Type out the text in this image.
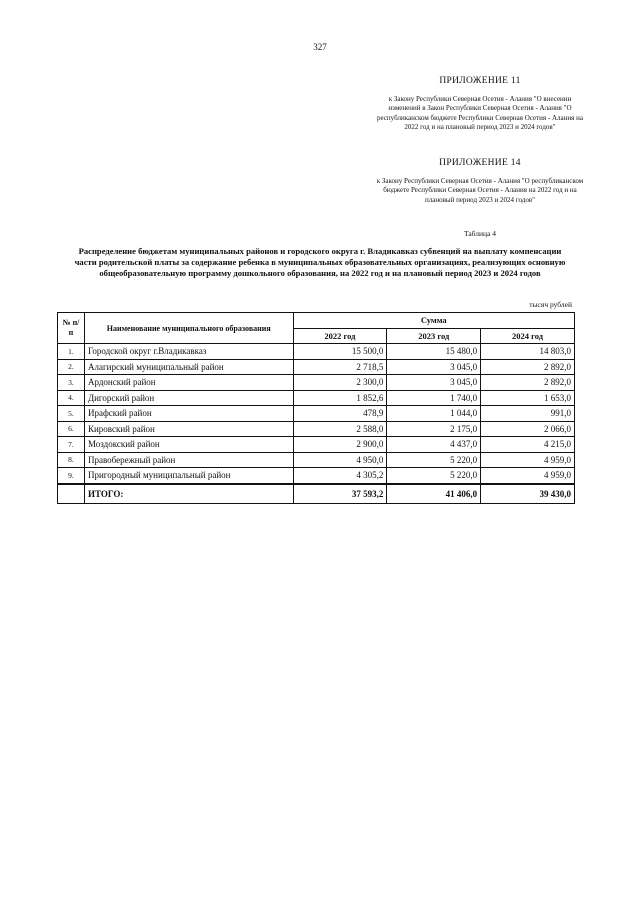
327
ПРИЛОЖЕНИЕ 11
к Закону Республики Северная Осетия - Алания "О внесении изменений в Закон Республики Северная Осетия - Алания "О республиканском бюджете Республики Северная Осетия - Алания на 2022 год и на плановый период 2023 и 2024 годов"
ПРИЛОЖЕНИЕ 14
к Закону Республики Северная Осетия - Алания "О республиканском бюджете Республики Северная Осетия - Алания на 2022 год и на плановый период 2023 и 2024 годов"
Таблица 4
Распределение бюджетам муниципальных районов и городского округа г. Владикавказ субвенций на выплату компенсации части родительской платы за содержание ребенка в муниципальных образовательных организациях, реализующих основную общеобразовательную программу дошкольного образования, на 2022 год и на плановый период 2023 и 2024 годов
тысяч рублей
№ п/п	Наименование муниципального образования	Сумма		
		2022 год	2023 год	2024 год
1.	Городской округ г.Владикавказ	15 500,0	15 480,0	14 803,0
2.	Алагирский муниципальный район	2 718,5	3 045,0	2 892,0
3.	Ардонский район	2 300,0	3 045,0	2 892,0
4.	Дигорский район	1 852,6	1 740,0	1 653,0
5.	Ирафский район	478,9	1 044,0	991,0
6.	Кировский район	2 588,0	2 175,0	2 066,0
7.	Моздокский район	2 900,0	4 437,0	4 215,0
8.	Правобережный район	4 950,0	5 220,0	4 959,0
9.	Пригородный муниципальный район	4 305,2	5 220,0	4 959,0
	ИТОГО:	37 593,2	41 406,0	39 430,0
